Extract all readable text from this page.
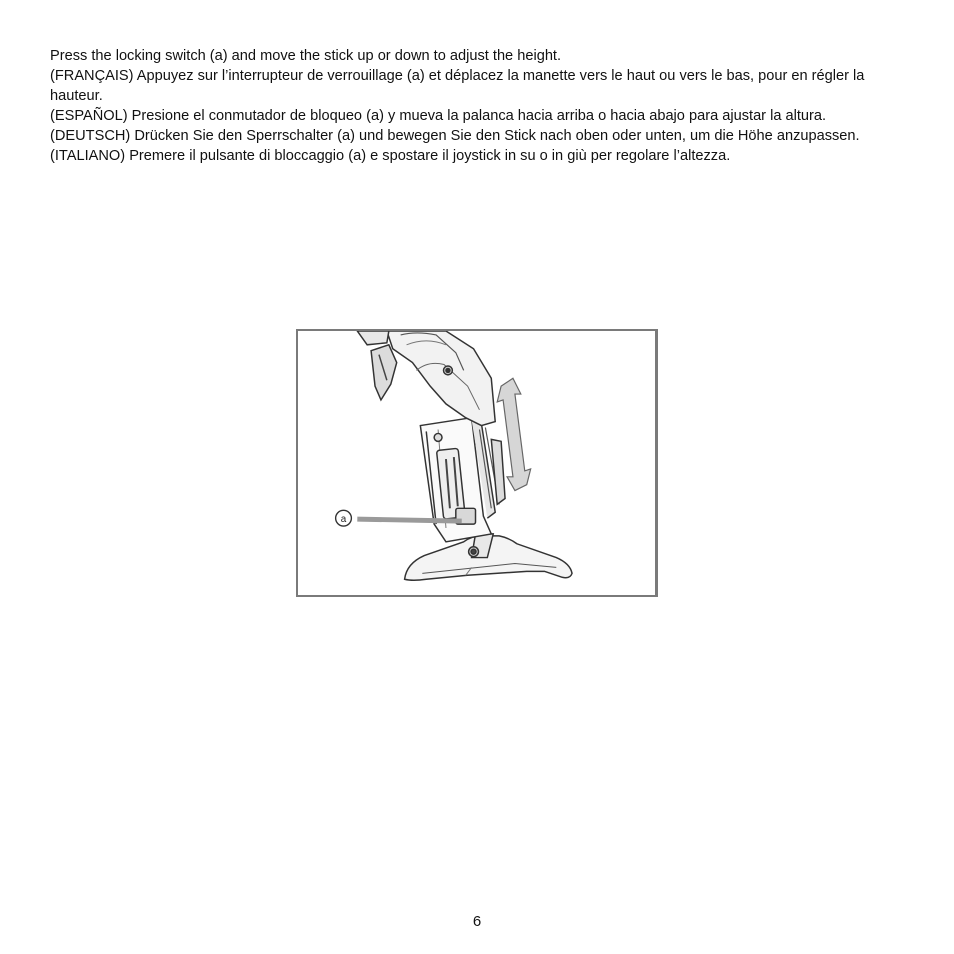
Press the locking switch (a) and move the stick up or down to adjust the height.

(FRANÇAIS) Appuyez sur l’interrupteur de verrouillage (a) et déplacez la manette vers le haut ou vers le bas, pour en régler la hauteur.

(ESPAÑOL) Presione el conmutador de bloqueo (a) y mueva la palanca hacia arriba o hacia abajo para ajustar la altura.

(DEUTSCH) Drücken Sie den Sperrschalter (a) und bewegen Sie den Stick nach oben oder unten, um die Höhe anzupassen.

(ITALIANO) Premere il pulsante di bloccaggio (a) e spostare il joystick in su o in giù per regolare l’altezza.

a
6
